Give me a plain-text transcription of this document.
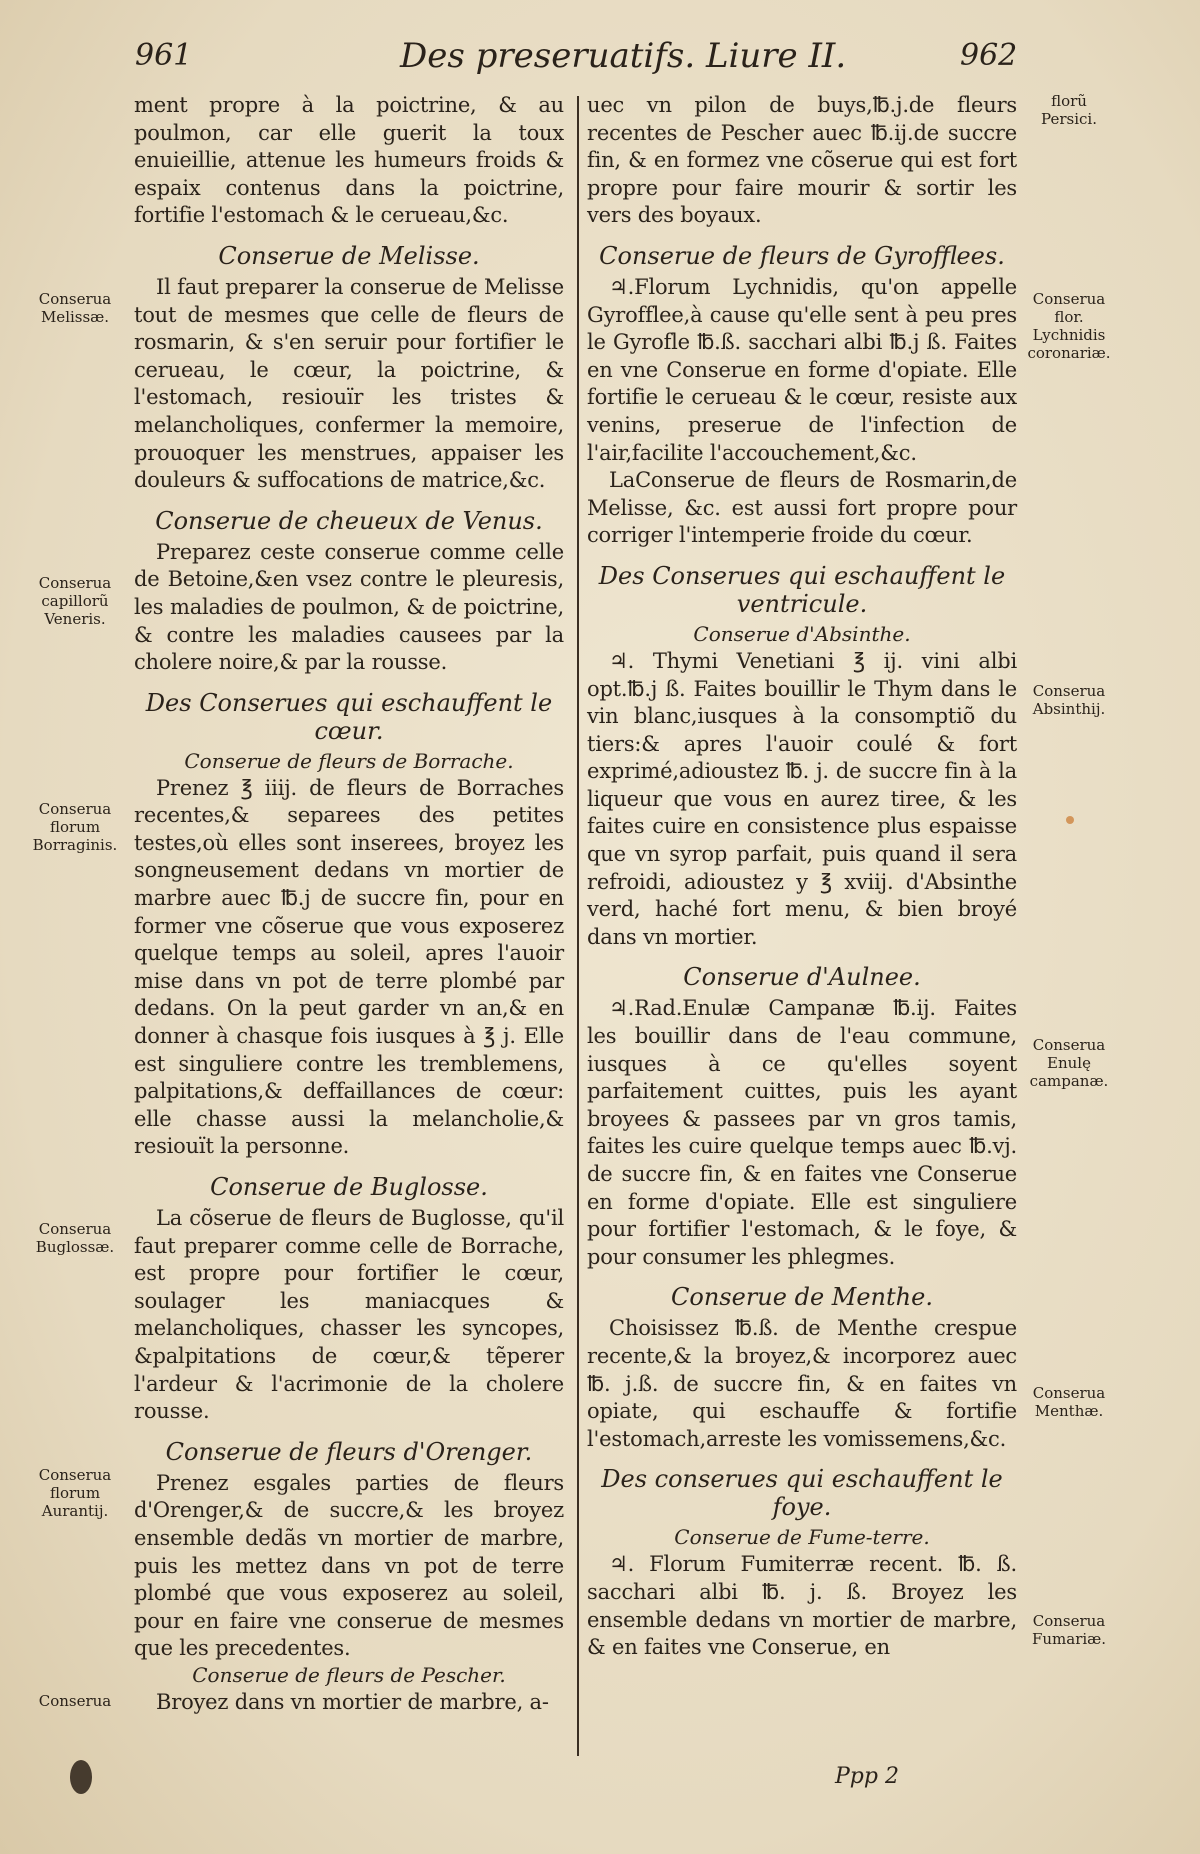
961	Des preseruatifs. Liure II.	962

ment propre à la poictrine, & au poulmon, car elle guerit la toux enuieillie, attenue les humeurs froids & espaix contenus dans la poictrine, fortifie l'estomach & le cerueau,&c.

Conserue de Melisse.

Il faut preparer la conserue de Melisse tout de mesmes que celle de fleurs de rosmarin, & s'en seruir pour fortifier le cerueau, le cœur, la poictrine, & l'estomach, resiouïr les tristes & melancholiques, confermer la memoire, prouoquer les menstrues, appaiser les douleurs & suffocations de matrice,&c.

Conserue de cheueux de Venus.

Preparez ceste conserue comme celle de Betoine,&en vsez contre le pleuresis, les maladies de poulmon, & de poictrine, & contre les maladies causees par la cholere noire,& par la rousse.

Des Conserues qui eschauffent le cœur.
Conserue de fleurs de Borrache.

Prenez ℥ iiij. de fleurs de Borraches recentes,& separees des petites testes,où elles sont inserees, broyez les songneusement dedans vn mortier de marbre auec ℔.j de succre fin, pour en former vne cõserue que vous exposerez quelque temps au soleil, apres l'auoir mise dans vn pot de terre plombé par dedans. On la peut garder vn an,& en donner à chasque fois iusques à ℥ j. Elle est singuliere contre les tremblemens, palpitations,& deffaillances de cœur: elle chasse aussi la melancholie,& resiouït la personne.

Conserue de Buglosse.

La cõserue de fleurs de Buglosse, qu'il faut preparer comme celle de Borrache, est propre pour fortifier le cœur, soulager les maniacques & melancholiques, chasser les syncopes, &palpitations de cœur,& tẽperer l'ardeur & l'acrimonie de la cholere rousse.

Conserue de fleurs d'Orenger.

Prenez esgales parties de fleurs d'Orenger,& de succre,& les broyez ensemble dedãs vn mortier de marbre, puis les mettez dans vn pot de terre plombé que vous exposerez au soleil, pour en faire vne conserue de mesmes que les precedentes.

Conserue de fleurs de Pescher.

Broyez dans vn mortier de marbre, a-

uec vn pilon de buys,℔.j.de fleurs recentes de Pescher auec ℔.ij.de succre fin, & en formez vne cõserue qui est fort propre pour faire mourir & sortir les vers des boyaux.

Conserue de fleurs de Gyrofflees.

♃.Florum Lychnidis, qu'on appelle Gyrofflee,à cause qu'elle sent à peu pres le Gyrofle ℔.ß. sacchari albi ℔.j ß. Faites en vne Conserue en forme d'opiate. Elle fortifie le cerueau & le cœur, resiste aux venins, preserue de l'infection de l'air,facilite l'accouchement,&c.

LaConserue de fleurs de Rosmarin,de Melisse, &c. est aussi fort propre pour corriger l'intemperie froide du cœur.

Des Conserues qui eschauffent le ventricule.
Conserue d'Absinthe.

♃. Thymi Venetiani ℥ ij. vini albi opt.℔.j ß. Faites bouillir le Thym dans le vin blanc,iusques à la consomptiõ du tiers:& apres l'auoir coulé & fort exprimé,adioustez ℔. j. de succre fin à la liqueur que vous en aurez tiree, & les faites cuire en consistence plus espaisse que vn syrop parfait, puis quand il sera refroidi, adioustez y ℥ xviij. d'Absinthe verd, haché fort menu, & bien broyé dans vn mortier.

Conserue d'Aulnee.

♃.Rad.Enulæ Campanæ ℔.ij. Faites les bouillir dans de l'eau commune, iusques à ce qu'elles soyent parfaitement cuittes, puis les ayant broyees & passees par vn gros tamis, faites les cuire quelque temps auec ℔.vj. de succre fin, & en faites vne Conserue en forme d'opiate. Elle est singuliere pour fortifier l'estomach, & le foye, & pour consumer les phlegmes.

Conserue de Menthe.

Choisissez ℔.ß. de Menthe crespue recente,& la broyez,& incorporez auec ℔. j.ß. de succre fin, & en faites vn opiate, qui eschauffe & fortifie l'estomach,arreste les vomissemens,&c.

Des conserues qui eschauffent le foye.
Conserue de Fume-terre.

♃. Florum Fumiterræ recent. ℔. ß. sacchari albi ℔. j. ß. Broyez les ensemble dedans vn mortier de marbre, & en faites vne Conserue, en

Ppp 2
Conserua Melissæ.
Conserua capillorũ Veneris.
Conserua florum Borraginis.
Conserua Buglossæ.
Conserua florum Aurantij.
Conserua
florũ Persici.
Conserua flor. Lychnidis coronariæ.
Conserua Absinthij.
Conserua Enulę campanæ.
Conserua Menthæ.
Conserua Fumariæ.
